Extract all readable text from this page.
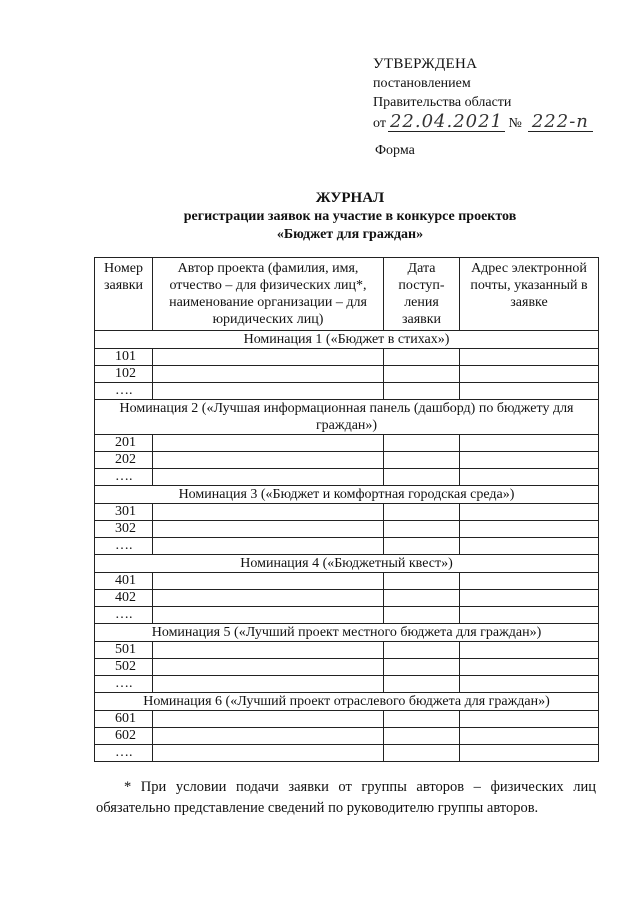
УТВЕРЖДЕНА
постановлением
Правительства области
от 22.04.2021 № 222-п
Форма
ЖУРНАЛ
регистрации заявок на участие в конкурсе проектов
«Бюджет для граждан»
Номер заявки	Автор проекта (фамилия, имя, отчество – для физических лиц*, наименование организации – для юридических лиц)	Дата поступ-ления заявки	Адрес электронной почты, указанный в заявке
Номинация 1 («Бюджет в стихах»)			
101			
102			
….			
Номинация 2 («Лучшая информационная панель (дашборд) по бюджету для граждан»)			
201			
202			
….			
Номинация 3 («Бюджет и комфортная городская среда»)			
301			
302			
….			
Номинация 4 («Бюджетный квест»)			
401			
402			
….			
Номинация 5 («Лучший проект местного бюджета для граждан»)			
501			
502			
….			
Номинация 6 («Лучший проект отраслевого бюджета для граждан»)			
601			
602			
….			
* При условии подачи заявки от группы авторов – физических лиц обязательно представление сведений по руководителю группы авторов.
